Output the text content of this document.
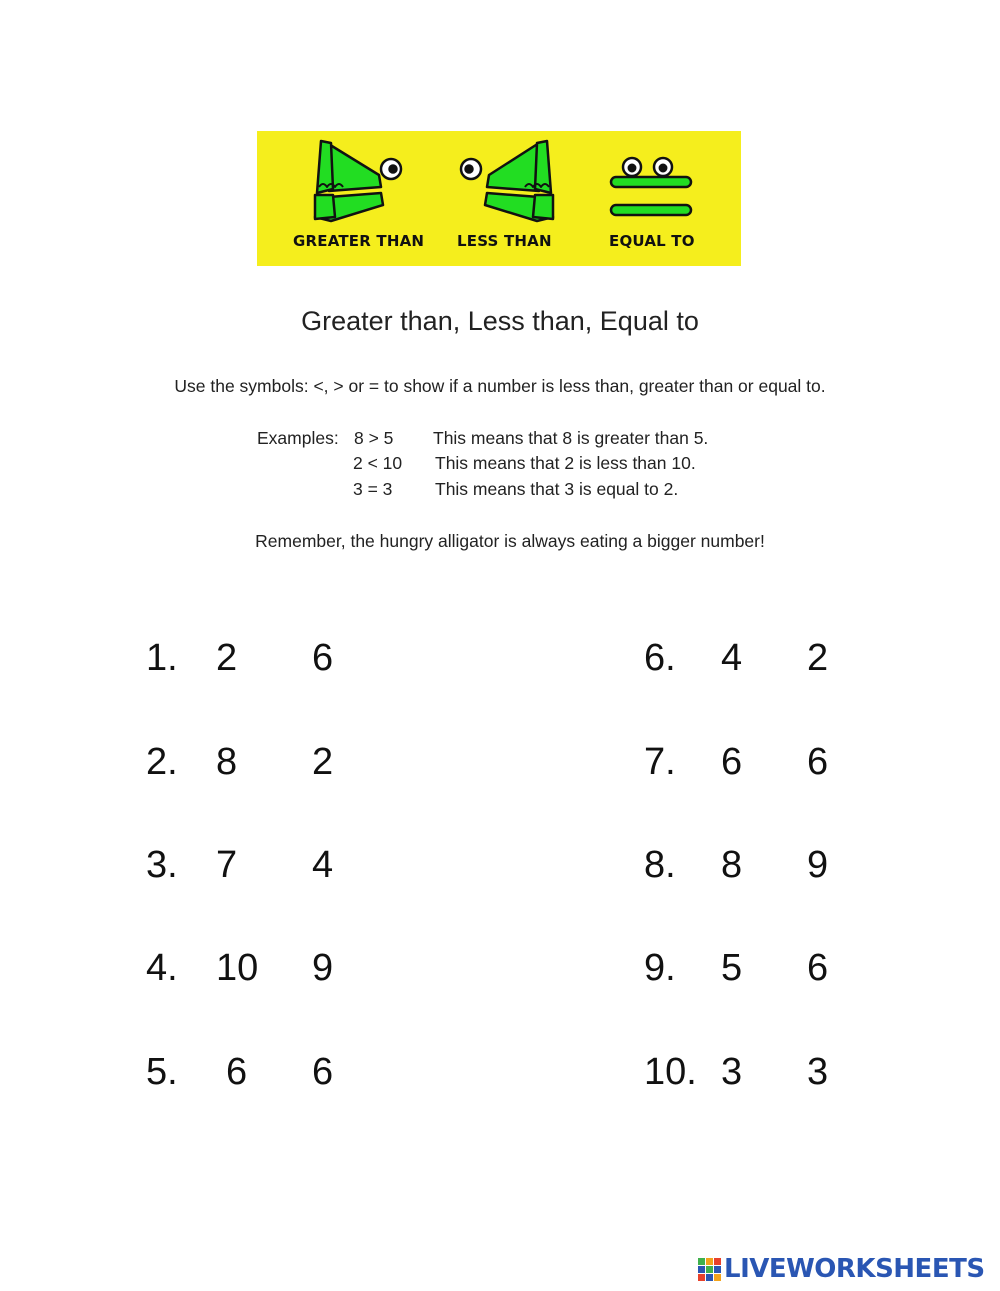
GREATER THAN LESS THAN	EQUAL TO
Greater than, Less than, Equal to
Use the symbols: <, > or = to show if a number is less than, greater than or equal to.
Examples: 8 > 5 This means that 8 is greater than 5.
2 < 10 This means that 2 is less than 10.
3 = 3 This means that 3 is equal to 2.
Remember, the hungry alligator is always eating a bigger number!
1. 2 6
2. 8 2
3. 7 4
4. 10 9
5. 6 6
6. 4 2
7. 6 6
8. 8 9
9. 5 6
10. 3 3
LIVEWORKSHEETS
